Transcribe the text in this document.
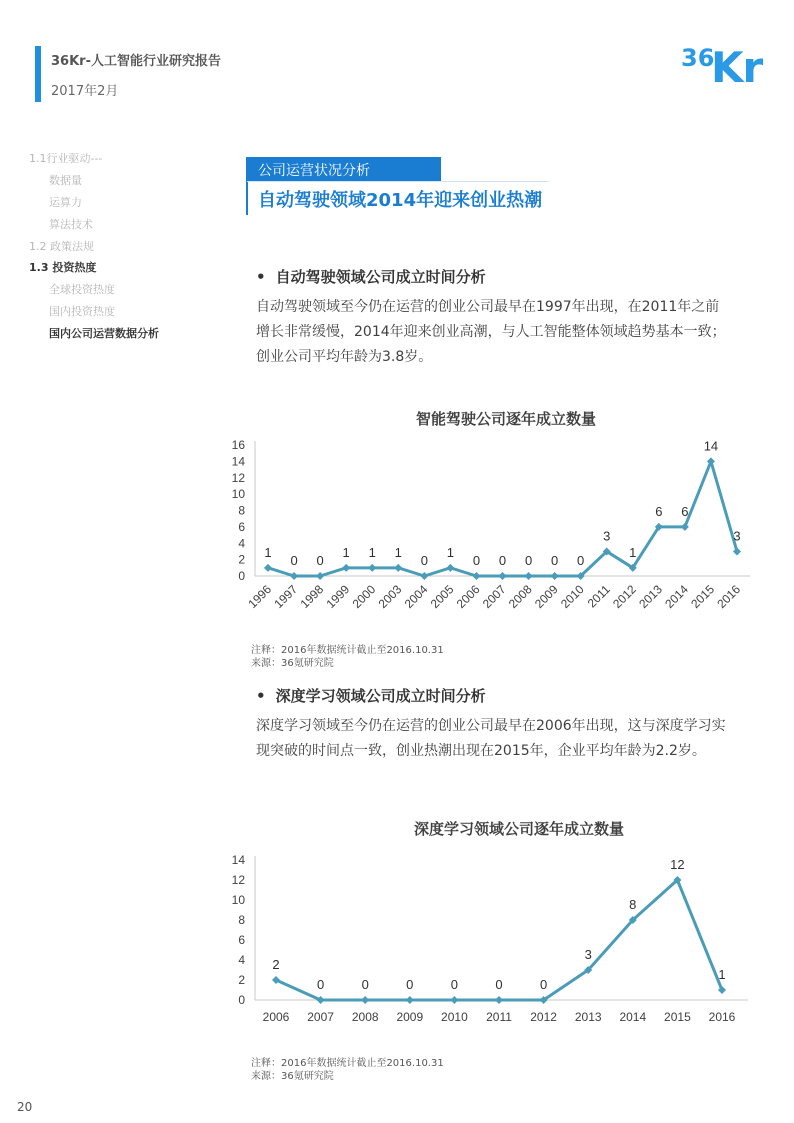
36Kr-人工智能行业研究报告
2017年2月
36
Kr
1.1行业驱动---
数据量
运算力
算法技术
1.2 政策法规
1.3 投资热度
全球投资热度
国内投资热度
国内公司运营数据分析
公司运营状况分析
自动驾驶领域2014年迎来创业热潮
• 自动驾驶领域公司成立时间分析
自动驾驶领域至今仍在运营的创业公司最早在1997年出现，在2011年之前增长非常缓慢，2014年迎来创业高潮，与人工智能整体领域趋势基本一致；创业公司平均年龄为3.8岁。
智能驾驶公司逐年成立数量
0
2
4
6
8
10
12
14
16
1996
1997
1998
1999
2000
2003
2004
2005
2006
2007
2008
2009
2010
2011
2012
2013
2014
2015
2016
1
0 0
1 1 1
0
1
0 0 0 0 0
3
1
6 6
14
3
注释：2016年数据统计截止至2016.10.31
来源：36氪研究院
• 深度学习领域公司成立时间分析
深度学习领域至今仍在运营的创业公司最早在2006年出现，这与深度学习实现突破的时间点一致，创业热潮出现在2015年，企业平均年龄为2.2岁。
深度学习领域公司逐年成立数量
0
2
4
6
8
10
12
14
2006 2007 2008 2009 2010 2011 2012 2013 2014 2015 2016
2
0	0	0	0	0	0
3
8
12
1
注释：2016年数据统计截止至2016.10.31
来源：36氪研究院
20
